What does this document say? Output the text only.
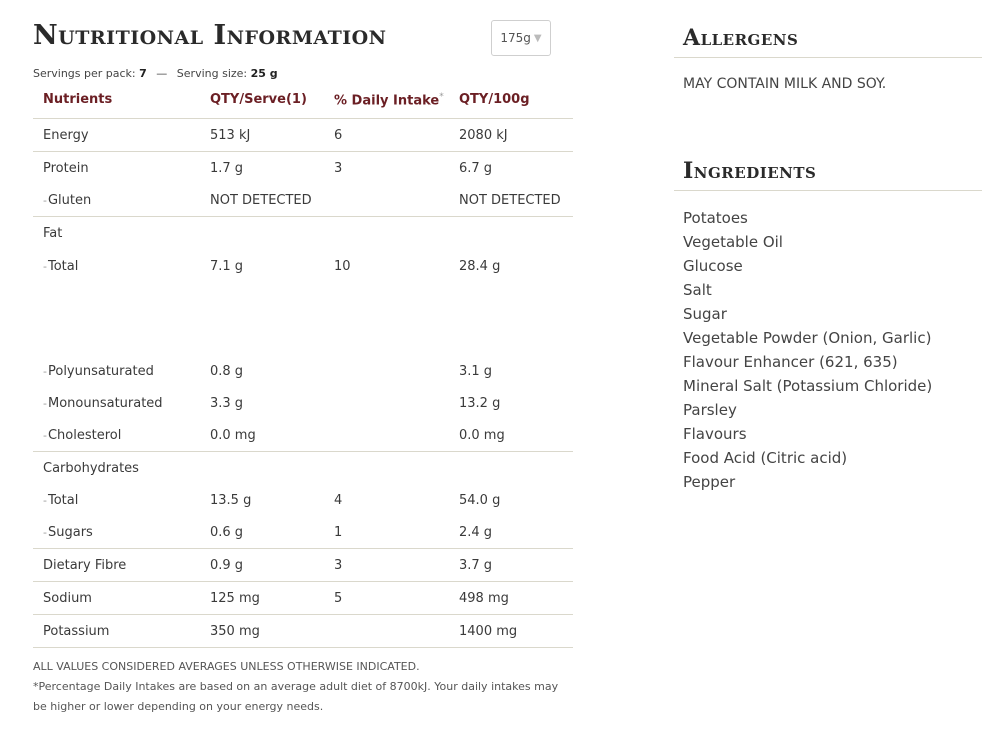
Nutritional Information	175g ▼
Servings per pack: 7 — Serving size: 25 g
Nutrients	QTY/Serve(1)	% Daily Intake*	QTY/100g
Energy	513 kJ	6	2080 kJ
Protein	1.7 g	3	6.7 g
-Gluten	NOT DETECTED		NOT DETECTED
Fat			
-Total	7.1 g	10	28.4 g
-Polyunsaturated	0.8 g		3.1 g
-Monounsaturated	3.3 g		13.2 g
-Cholesterol	0.0 mg		0.0 mg
Carbohydrates			
-Total	13.5 g	4	54.0 g
-Sugars	0.6 g	1	2.4 g
Dietary Fibre	0.9 g	3	3.7 g
Sodium	125 mg	5	498 mg
Potassium	350 mg		1400 mg
ALL VALUES CONSIDERED AVERAGES UNLESS OTHERWISE INDICATED.
*Percentage Daily Intakes are based on an average adult diet of 8700kJ. Your daily intakes may be higher or lower depending on your energy needs.
Allergens
MAY CONTAIN MILK AND SOY.
Ingredients
Potatoes
Vegetable Oil
Glucose
Salt
Sugar
Vegetable Powder (Onion, Garlic)
Flavour Enhancer (621, 635)
Mineral Salt (Potassium Chloride)
Parsley
Flavours
Food Acid (Citric acid)
Pepper
